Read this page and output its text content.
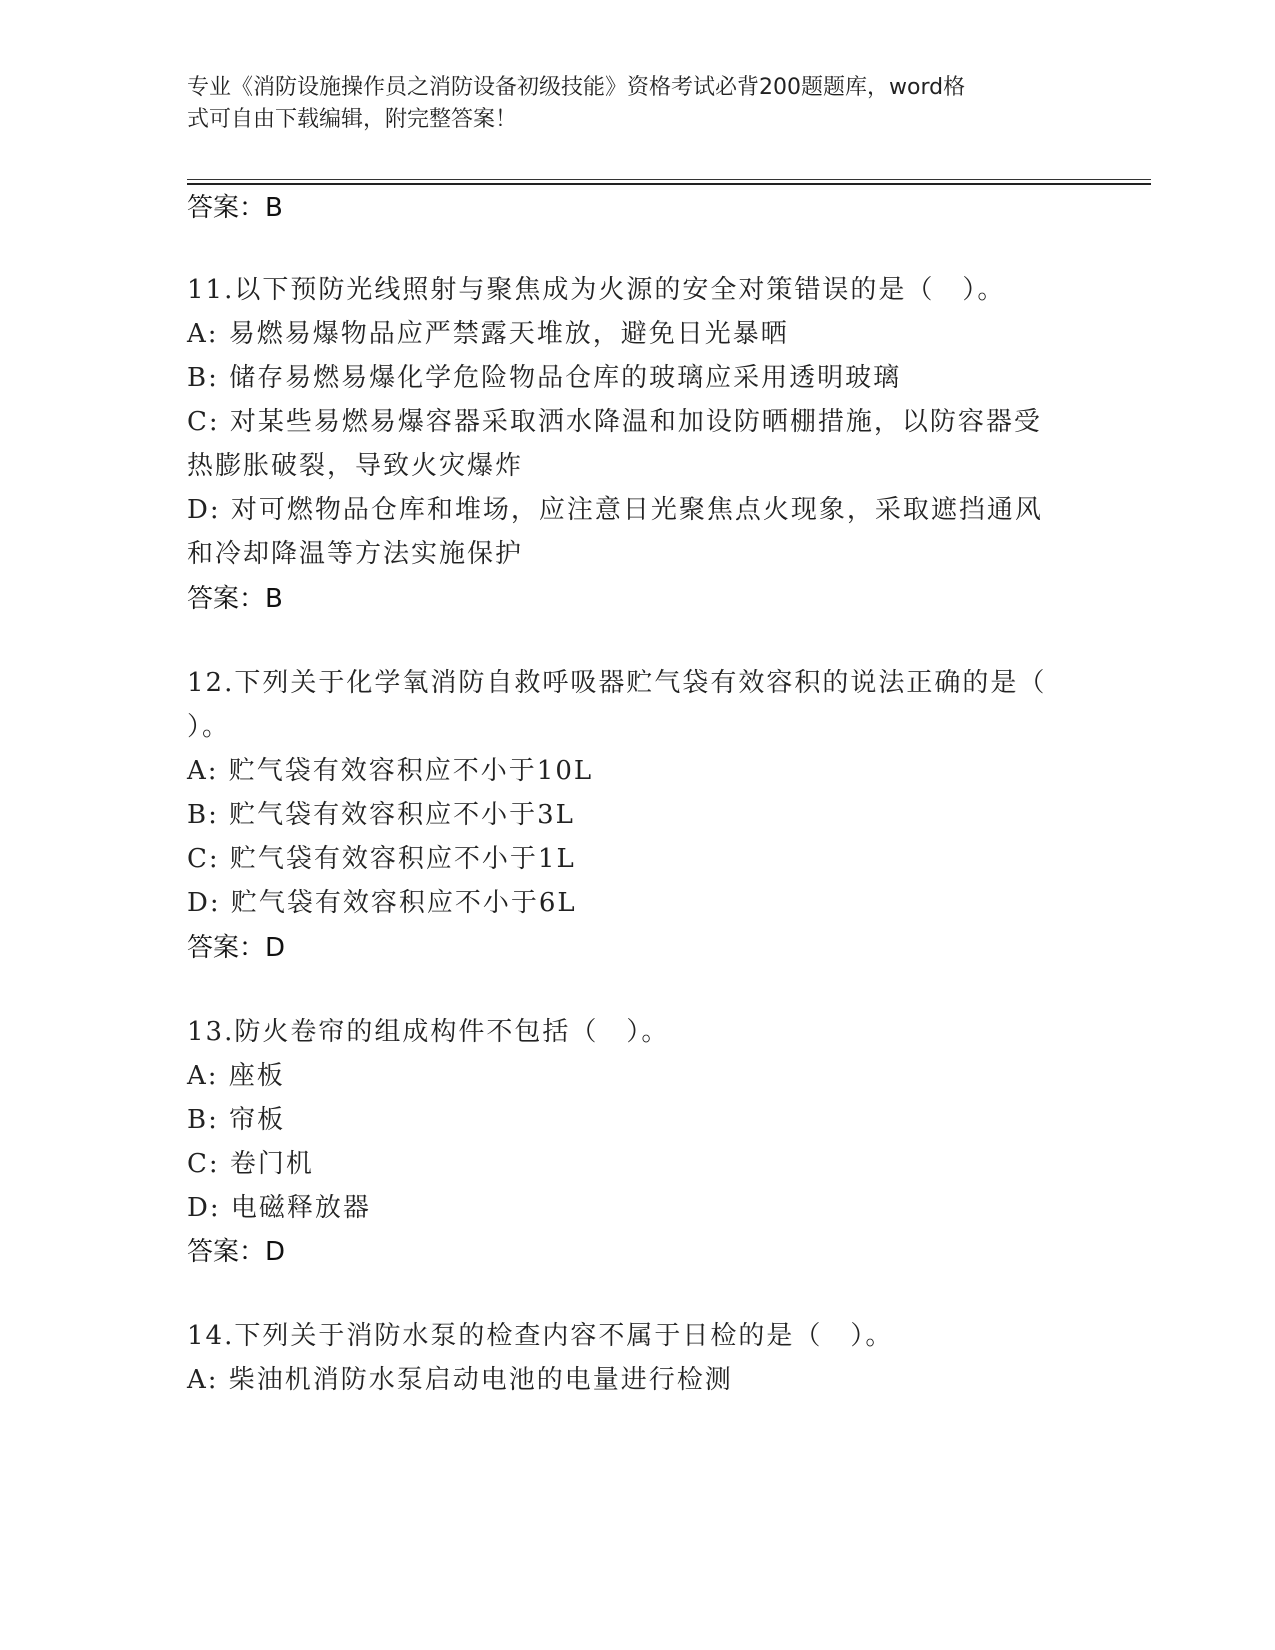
专业《消防设施操作员之消防设备初级技能》资格考试必背200题题库，word格
式可自由下载编辑，附完整答案！
答案：B
11.以下预防光线照射与聚焦成为火源的安全对策错误的是（　）。
A: 易燃易爆物品应严禁露天堆放，避免日光暴晒
B: 储存易燃易爆化学危险物品仓库的玻璃应采用透明玻璃
C: 对某些易燃易爆容器采取洒水降温和加设防晒棚措施，以防容器受
热膨胀破裂，导致火灾爆炸
D: 对可燃物品仓库和堆场，应注意日光聚焦点火现象，采取遮挡通风
和冷却降温等方法实施保护
答案：B
12.下列关于化学氧消防自救呼吸器贮气袋有效容积的说法正确的是（
）。
A: 贮气袋有效容积应不小于10L
B: 贮气袋有效容积应不小于3L
C: 贮气袋有效容积应不小于1L
D: 贮气袋有效容积应不小于6L
答案：D
13.防火卷帘的组成构件不包括（　）。
A: 座板
B: 帘板
C: 卷门机
D: 电磁释放器
答案：D
14.下列关于消防水泵的检查内容不属于日检的是（　）。
A: 柴油机消防水泵启动电池的电量进行检测
